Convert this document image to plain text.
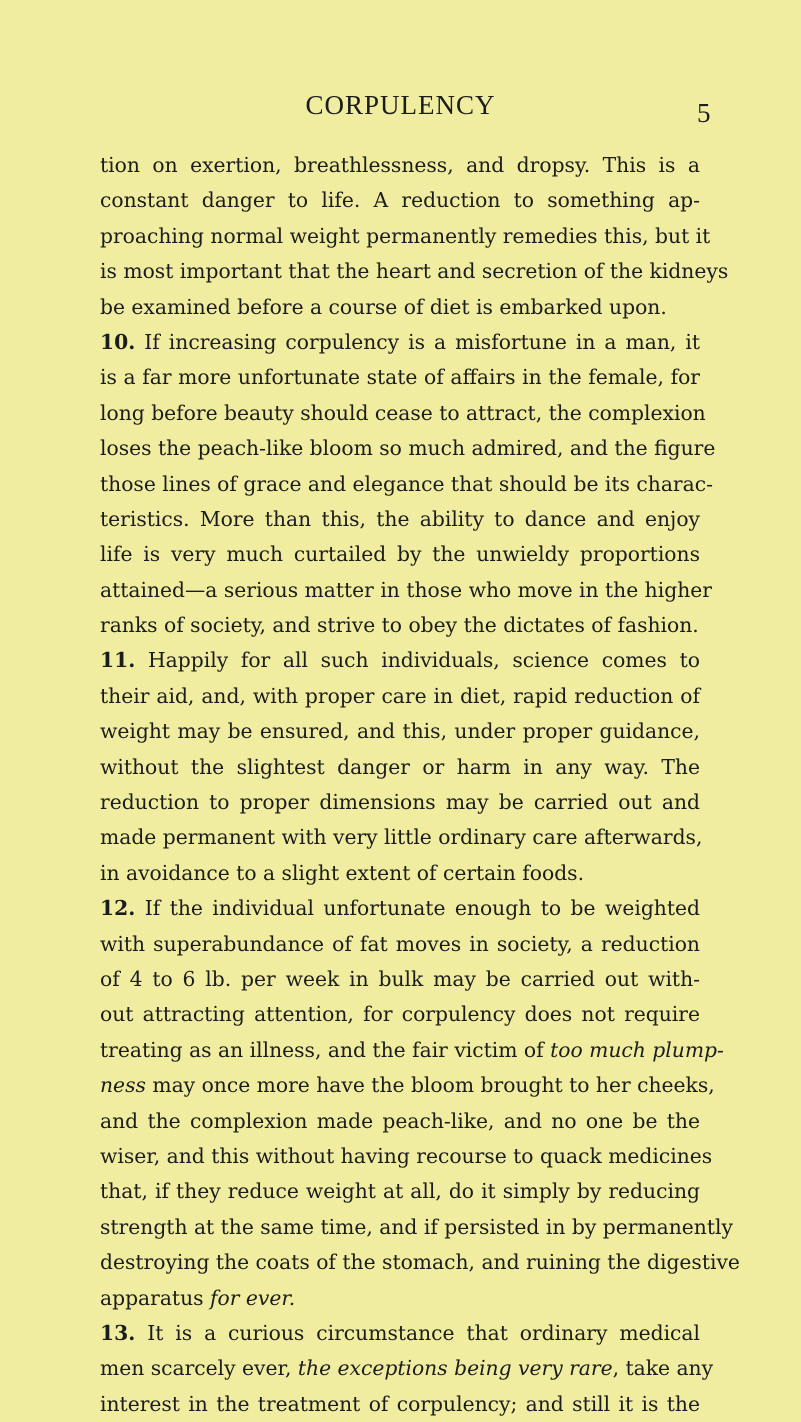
CORPULENCY	5
tion on exertion, breathlessness, and dropsy. This is a
constant danger to life. A reduction to something ap-
proaching normal weight permanently remedies this, but it
is most important that the heart and secretion of the kidneys
be examined before a course of diet is embarked upon.
10. If increasing corpulency is a misfortune in a man, it
is a far more unfortunate state of affairs in the female, for
long before beauty should cease to attract, the complexion
loses the peach-like bloom so much admired, and the figure
those lines of grace and elegance that should be its charac-
teristics. More than this, the ability to dance and enjoy
life is very much curtailed by the unwieldy proportions
attained—a serious matter in those who move in the higher
ranks of society, and strive to obey the dictates of fashion.
11. Happily for all such individuals, science comes to
their aid, and, with proper care in diet, rapid reduction of
weight may be ensured, and this, under proper guidance,
without the slightest danger or harm in any way. The
reduction to proper dimensions may be carried out and
made permanent with very little ordinary care afterwards,
in avoidance to a slight extent of certain foods.
12. If the individual unfortunate enough to be weighted
with superabundance of fat moves in society, a reduction
of 4 to 6 lb. per week in bulk may be carried out with-
out attracting attention, for corpulency does not require
treating as an illness, and the fair victim of too much plump-
ness may once more have the bloom brought to her cheeks,
and the complexion made peach-like, and no one be the
wiser, and this without having recourse to quack medicines
that, if they reduce weight at all, do it simply by reducing
strength at the same time, and if persisted in by permanently
destroying the coats of the stomach, and ruining the digestive
apparatus for ever.
13. It is a curious circumstance that ordinary medical
men scarcely ever, the exceptions being very rare, take any
interest in the treatment of corpulency; and still it is the
